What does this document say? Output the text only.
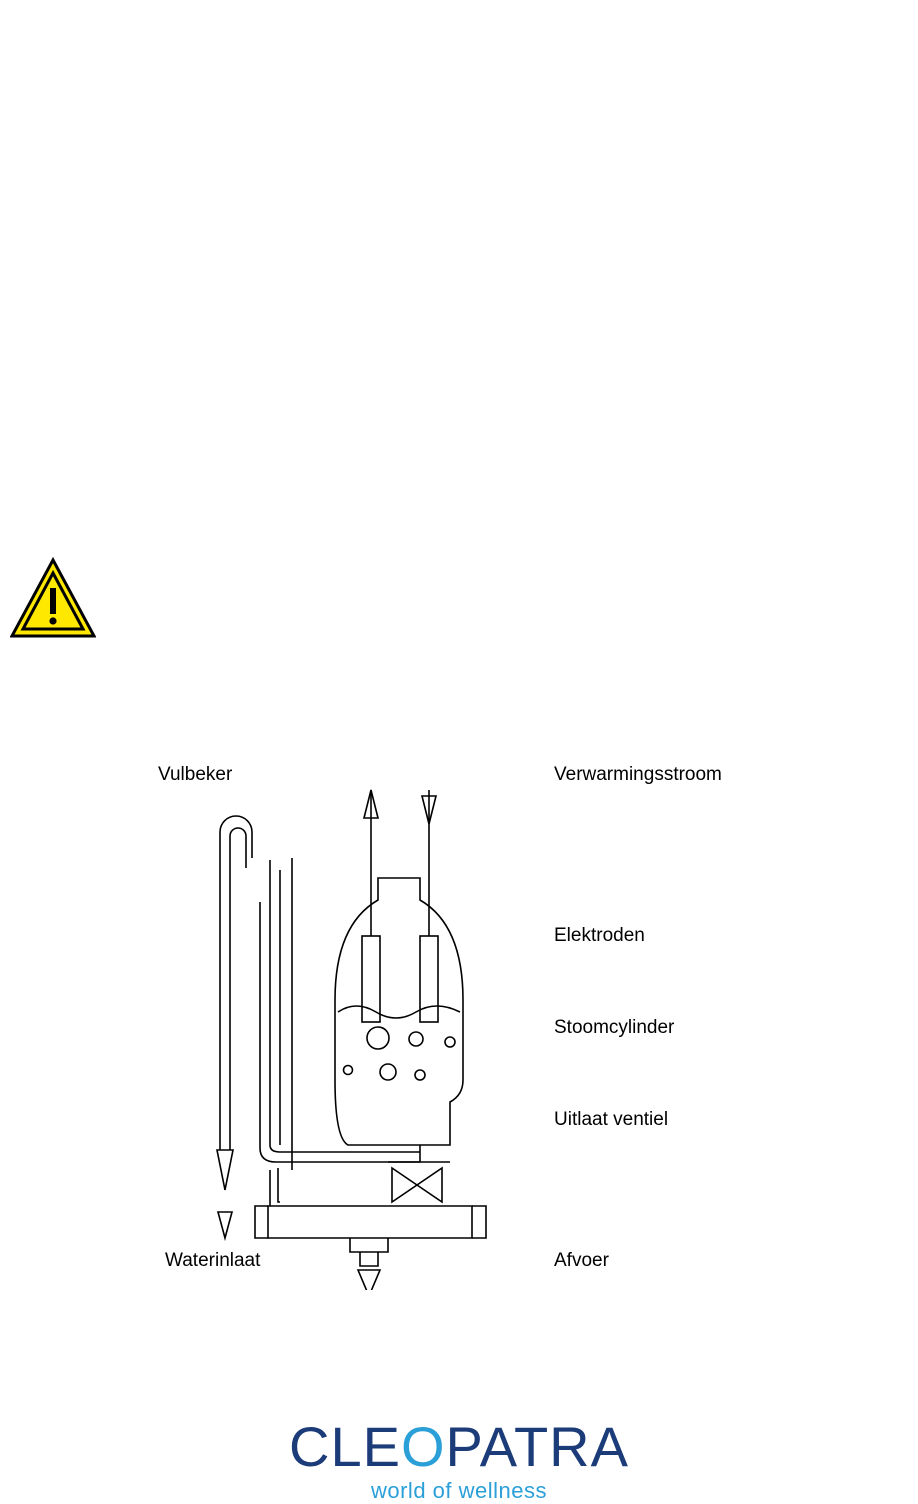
Vulbeker	Verwarmingsstroom
Elektroden
Stoomcylinder
Uitlaat ventiel
Waterinlaat	Afvoer
CLEOPATRA
world of wellness
